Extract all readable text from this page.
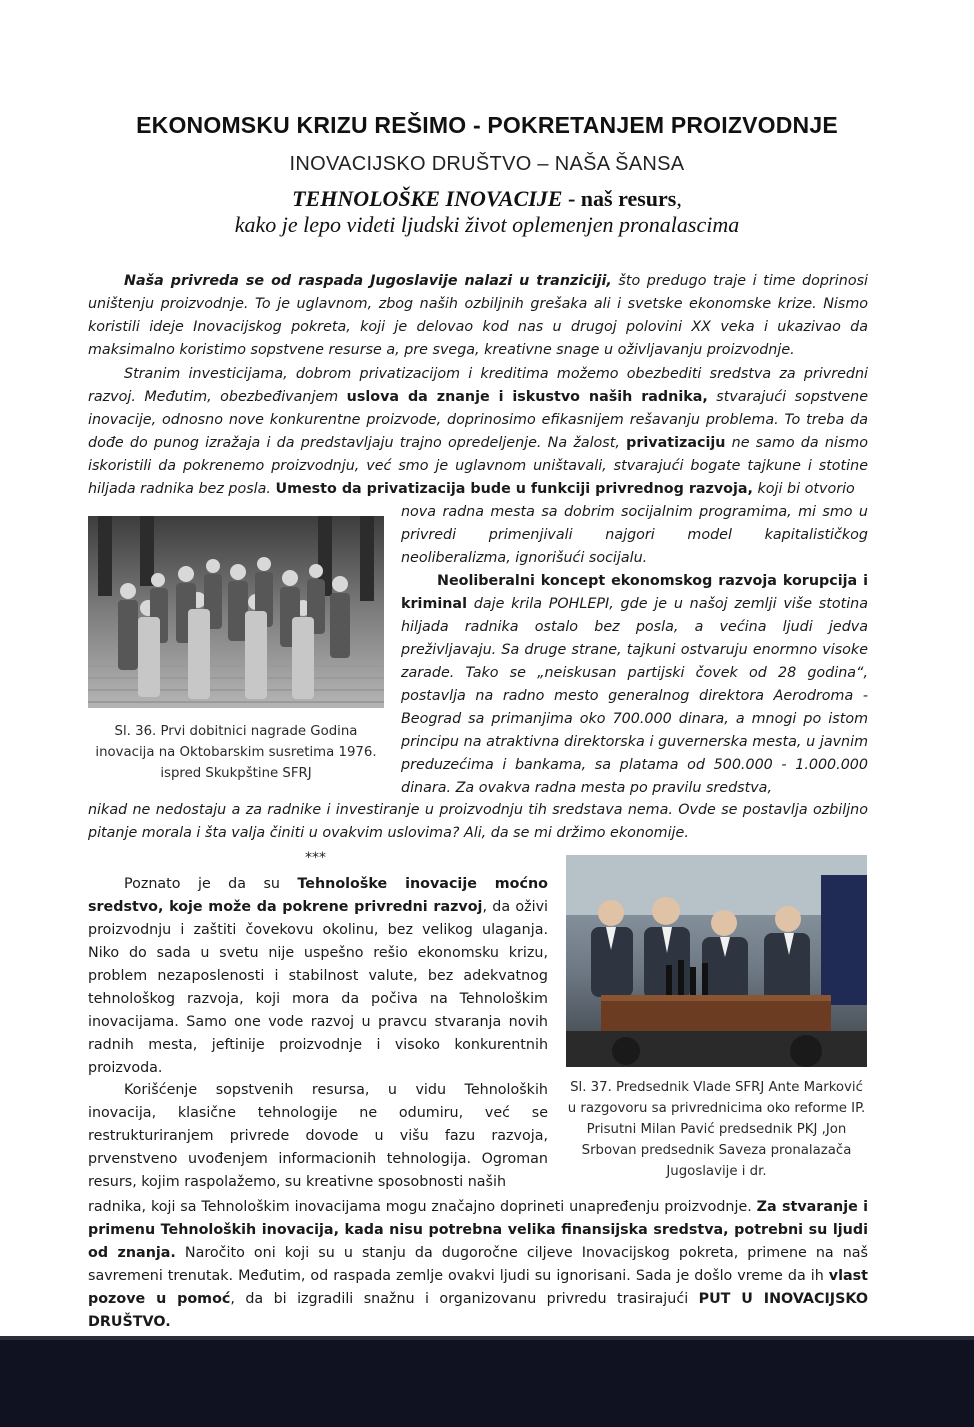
EKONOMSKU KRIZU REŠIMO - POKRETANJEM PROIZVODNJE
INOVACIJSKO DRUŠTVO – NAŠA ŠANSA
TEHNOLOŠKE INOVACIJE - naš resurs,
kako je lepo videti ljudski život oplemenjen pronalascima

Naša privreda se od raspada Jugoslavije nalazi u tranziciji, što predugo traje i time doprinosi uništenju proizvodnje. To je uglavnom, zbog naših ozbiljnih grešaka ali i svetske ekonomske krize. Nismo koristili ideje Inovacijskog pokreta, koji je delovao kod nas u drugoj polovini XX veka i ukazivao da maksimalno koristimo sopstvene resurse a, pre svega, kreativne snage u oživljavanju proizvodnje.

Stranim investicijama, dobrom privatizacijom i kreditima možemo obezbediti sredstva za privredni razvoj. Međutim, obezbeđivanjem uslova da znanje i iskustvo naših radnika, stvarajući sopstvene inovacije, odnosno nove konkurentne proizvode, doprinosimo efikasnijem rešavanju problema. To treba da dođe do punog izražaja i da predstavljaju trajno opredeljenje. Na žalost, privatizaciju ne samo da nismo iskoristili da pokrenemo proizvodnju, već smo je uglavnom uništavali, stvarajući bogate tajkune i stotine hiljada radnika bez posla. Umesto da privatizacija bude u funkciji privrednog razvoja, koji bi otvorio

Sl. 36. Prvi dobitnici nagrade Godina inovacija na Oktobarskim susretima 1976. ispred Skukpštine SFRJ

nova radna mesta sa dobrim socijalnim programima, mi smo u privredi primenjivali najgori model kapitalističkog neoliberalizma, ignorišući socijalu.

Neoliberalni koncept ekonomskog razvoja korupcija i kriminal daje krila POHLEPI, gde je u našoj zemlji više stotina hiljada radnika ostalo bez posla, a većina ljudi jedva preživljavaju. Sa druge strane, tajkuni ostvaruju enormno visoke zarade. Tako se „neiskusan partijski čovek od 28 godina“, postavlja na radno mesto generalnog direktora Aerodroma - Beograd sa primanjima oko 700.000 dinara, a mnogi po istom principu na atraktivna direktorska i guvernerska mesta, u javnim preduzećima i bankama, sa platama od 500.000 - 1.000.000 dinara. Za ovakva radna mesta po pravilu sredstva,

nikad ne nedostaju a za radnike i investiranje u proizvodnju tih sredstava nema. Ovde se postavlja ozbiljno pitanje morala i šta valja činiti u ovakvim uslovima? Ali, da se mi držimo ekonomije.

***

Poznato je da su Tehnološke inovacije moćno sredstvo, koje može da pokrene privredni razvoj, da oživi proizvodnju i zaštiti čovekovu okolinu, bez velikog ulaganja. Niko do sada u svetu nije uspešno rešio ekonomsku krizu, problem nezaposlenosti i stabilnost valute, bez adekvatnog tehnološkog razvoja, koji mora da počiva na Tehnološkim inovacijama. Samo one vode razvoj u pravcu stvaranja novih radnih mesta, jeftinije proizvodnje i visoko konkurentnih proizvoda.

Korišćenje sopstvenih resursa, u vidu Tehnoloških inovacija, klasične tehnologije ne odumiru, već se restrukturiranjem privrede dovode u višu fazu razvoja, prvenstveno uvođenjem informacionih tehnologija. Ogroman resurs, kojim raspolažemo, su kreativne sposobnosti naših

Sl. 37. Predsednik Vlade SFRJ Ante Marković u razgovoru sa privrednicima oko reforme IP. Prisutni Milan Pavić predsednik PKJ ,Jon Srbovan predsednik Saveza pronalazača Jugoslavije i dr.

radnika, koji sa Tehnološkim inovacijama mogu značajno doprineti unapređenju proizvodnje. Za stvaranje i primenu Tehnoloških inovacija, kada nisu potrebna velika finansijska sredstva, potrebni su ljudi od znanja. Naročito oni koji su u stanju da dugoročne ciljeve Inovacijskog pokreta, primene na naš savremeni trenutak. Međutim, od raspada zemlje ovakvi ljudi su ignorisani. Sada je došlo vreme da ih vlast pozove u pomoć, da bi izgradili snažnu i organizovanu privredu trasirajući PUT U INOVACIJSKO DRUŠTVO.
